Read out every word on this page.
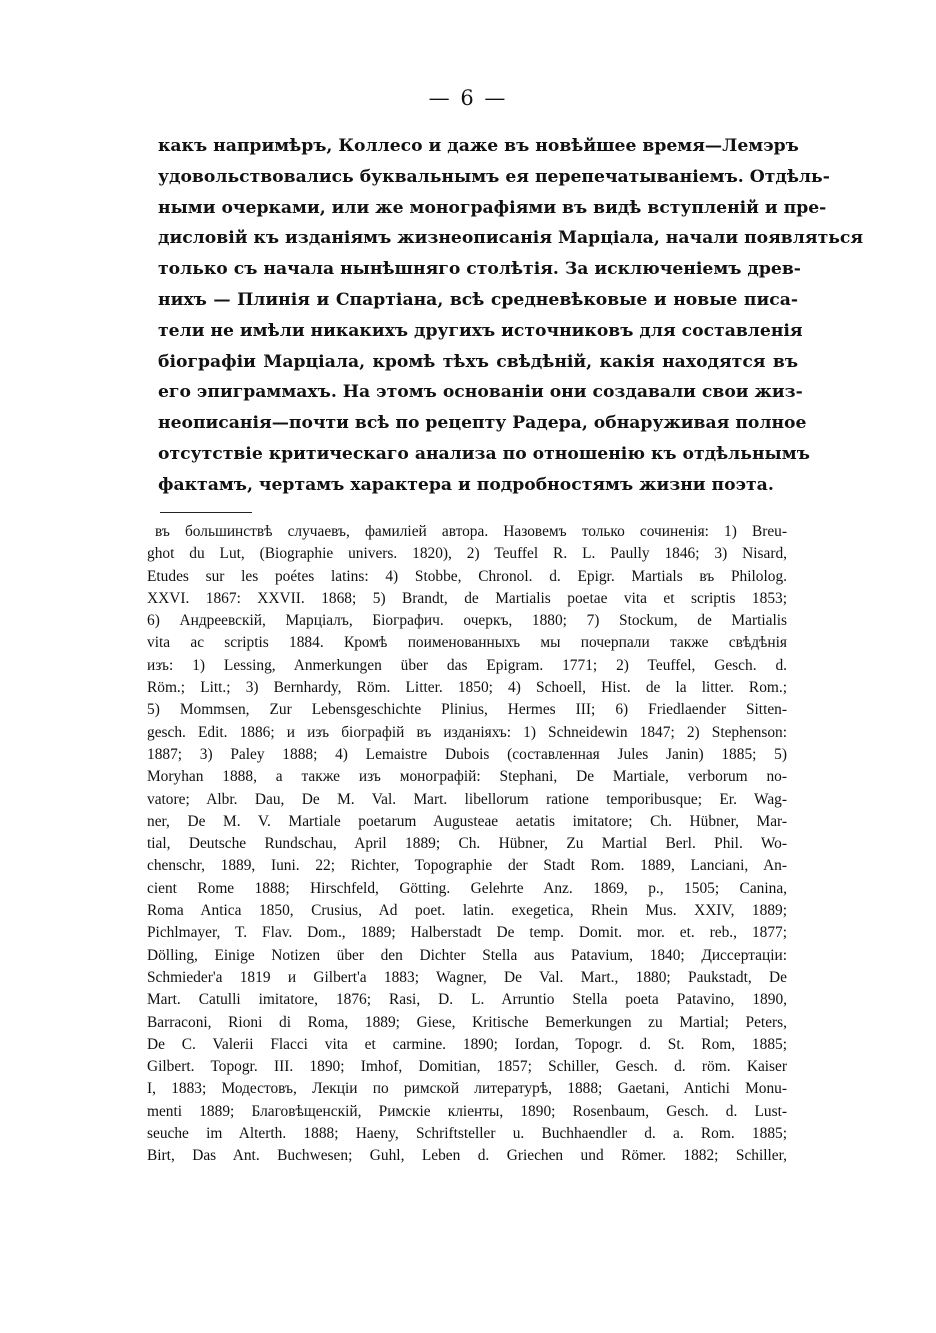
— 6 —
какъ напримѣръ, Коллесо и даже въ новѣйшее время—Лемэръ
удовольствовались буквальнымъ ея перепечатываніемъ. Отдѣль-
ными очерками, или же монографіями въ видѣ вступленій и пре-
дисловій къ изданіямъ жизнеописанія Марціала, начали появляться
только съ начала нынѣшняго столѣтія. За исключеніемъ древ-
нихъ — Плинія и Спартіана, всѣ средневѣковые и новые писа-
тели не имѣли никакихъ другихъ источниковъ для составленія
біографіи Марціала, кромѣ тѣхъ свѣдѣній, какія находятся въ
его эпиграммахъ. На этомъ основаніи они создавали свои жиз-
неописанія—почти всѣ по рецепту Радера, обнаруживая полное
отсутствіе критическаго анализа по отношенію къ отдѣльнымъ
фактамъ, чертамъ характера и подробностямъ жизни поэта.
въ большинствѣ случаевъ, фамиліей автора. Назовемъ только сочиненія: 1) Breu-
ghot du Lut, (Biographie univers. 1820), 2) Teuffel R. L. Paully 1846; 3) Nisard,
Etudes sur les poétes latins: 4) Stobbe, Chronol. d. Epigr. Martials въ Philolog.
XXVI. 1867: XXVII. 1868; 5) Brandt, de Martialis poetae vita et scriptis 1853;
6) Андреевскій, Марціалъ, Біографич. очеркъ, 1880; 7) Stockum, de Martialis
vita ac scriptis 1884. Кромѣ поименованныхъ мы почерпали также свѣдѣнія
изъ: 1) Lessing, Anmerkungen über das Epigram. 1771; 2) Teuffel, Gesch. d.
Röm.; Litt.; 3) Bernhardy, Röm. Litter. 1850; 4) Schoell, Hist. de la litter. Rom.;
5) Mommsen, Zur Lebensgeschichte Plinius, Hermes III; 6) Friedlaender Sitten-
gesch. Edit. 1886; и изъ біографій въ изданіяхъ: 1) Schneidewin 1847; 2) Stephenson:
1887; 3) Paley 1888; 4) Lemaistre Dubois (составленная Jules Janin) 1885; 5)
Moryhan 1888, а также изъ монографій: Stephani, De Martiale, verborum no-
vatore; Albr. Dau, De M. Val. Mart. libellorum ratione temporibusque; Er. Wag-
ner, De M. V. Martiale poetarum Augusteae aetatis imitatore; Ch. Hübner, Mar-
tial, Deutsche Rundschau, April 1889; Ch. Hübner, Zu Martial Berl. Phil. Wo-
chenschr, 1889, Iuni. 22; Richter, Topographie der Stadt Rom. 1889, Lanciani, An-
cient Rome 1888; Hirschfeld, Götting. Gelehrte Anz. 1869, p., 1505; Canina,
Roma Antica 1850, Crusius, Ad poet. latin. exegetica, Rhein Mus. XXIV, 1889;
Pichlmayer, T. Flav. Dom., 1889; Halberstadt De temp. Domit. mor. et. reb., 1877;
Dölling, Einige Notizen über den Dichter Stella aus Patavium, 1840; Диссертаціи:
Schmieder'a 1819 и Gilbert'a 1883; Wagner, De Val. Mart., 1880; Paukstadt, De
Mart. Catulli imitatore, 1876; Rasi, D. L. Arruntio Stella poeta Patavino, 1890,
Barraconi, Rioni di Roma, 1889; Giese, Kritische Bemerkungen zu Martial; Peters,
De C. Valerii Flacci vita et carmine. 1890; Iordan, Topogr. d. St. Rom, 1885;
Gilbert. Topogr. III. 1890; Imhof, Domitian, 1857; Schiller, Gesch. d. röm. Kaiser
I, 1883; Модестовъ, Лекціи по римской литературѣ, 1888; Gaetani, Antichi Monu-
menti 1889; Благовѣщенскій, Римскіе кліенты, 1890; Rosenbaum, Gesch. d. Lust-
seuche im Alterth. 1888; Haeny, Schriftsteller u. Buchhaendler d. a. Rom. 1885;
Birt, Das Ant. Buchwesen; Guhl, Leben d. Griechen und Römer. 1882; Schiller,
